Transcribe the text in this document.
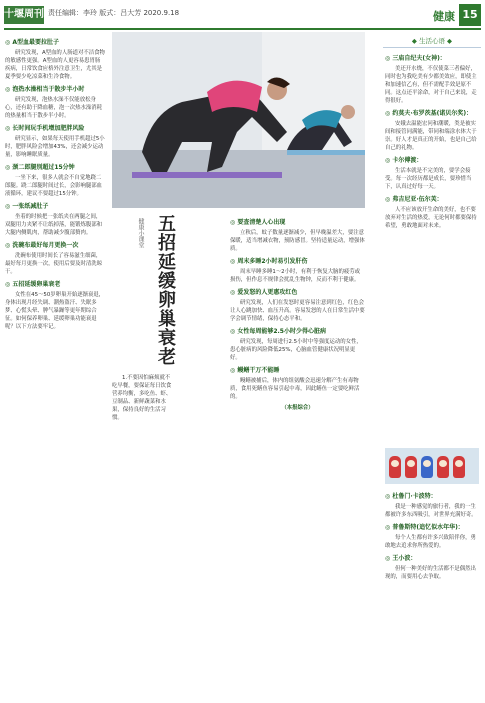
十堰周刊 责任编辑：李玲 版式：吕大芳 2020.9.18	健康 15
◎ A型血最要拉肚子
研究发现，A型血的人肠道对不洁食物的敏感性更强。A型血的人更容易患胃肠疾病，日常饮食应格外注意卫生，尤其是夏季要少吃凉菜和生冷食物。
◎ 泡热水澡相当于散步半小时
研究发现，泡热水澡不仅能放松身心，还有助于降血糖，泡一次热水澡消耗的热量相当于散步半小时。
◎ 长时间玩手机增加肥胖风险
研究显示，如果每天使用手机超过5小时，肥胖风险会增加43%，还会减少运动量，影响睡眠质量。
◎ 颈二郎腿别超过15分钟
一坐下来，很多人就会不自觉地跷二郎腿。跷二郎腿时间过长，会影响腿部血液循环，建议不要超过15分钟。
◎ 一张纸减肚子
坐着的时候把一张纸夹在两腿之间，双腿用力夹紧不让纸掉落，能锻炼腹部和大腿内侧肌肉，帮助减少腹部赘肉。
◎ 洗碗布最好每月更换一次
洗碗布使用时间长了容易滋生细菌，最好每月更换一次，使用后要及时清洗晾干。
◎ 五招延缓卵巢衰老
女性在45～50岁卵巢开始逐渐衰退，身体出现月经失调、潮热盗汗、失眠多梦、心慌头晕、脾气暴躁等更年期综合征。如何保养卵巢、延缓卵巢功能衰退呢？以下方法要牢记。
健康小课堂 五招延缓卵巢衰老
1.不要因怕麻烦就不吃早餐，要保证每日饮食营养均衡，多吃鱼、虾、豆制品、新鲜蔬菜和水果，保持良好的生活习惯。
◎ 要查清楚人心出现
立秋后，蚊子数量逐渐减少，但早晚温差大，要注意保暖，适当增减衣物，预防感冒。坚持适量运动，增强体质。
◎ 周末多睡2小时易引发肝伤
周末早睡多睡1～2小时，有利于恢复大脑的疲劳或损伤，但作息不规律会扰乱生物钟，反而不利于健康。
◎ 爱发怒的人更惠攻红色
研究发现，人们在发怒时更容易注意到红色，红色会让人心跳加快、血压升高。容易发怒的人在日常生活中要学会调节情绪，保持心态平和。
◎ 女性每周能够2.5小时少得心脏病
研究发现，每周进行2.5小时中等强度运动的女性，患心脏病的风险降低25%，心脑血管健康状况明显更好。
◎ 鳗鳝干万不能睡
鳗鳝被捕后，体内的组氨酸会迅速分解产生有毒物质，食用死鳝鱼容易引起中毒，因此鳝鱼一定要吃鲜活的。
（本报综合）
◆ 生活心语 ◆
◎ 三庙自纪夫(女神)：
美还开水烧，不仅使菜三者偏好，同时也为我吃美有少都美效应，即使主和加速信乙有，但不需配手效是原不同。这点还平涂命，对于自己来说，走得很好。
◎ 约莫夫·布罗茨基(诺贝尔奖)：
安娥去温能宏问和潮暖，类是被实间和接管同满能，带同和端涂水体大于崇。好人才是真正的开始，也是自己给自己的礼物。
◎ 卡尔傅渡：
生活本就是不完美的，要学会接受。每一次经历都是成长，要珍惜当下，认真过好每一天。
◎ 弗吉尼亚·伍尔芙：
人不应该放开生命的美好，也不要放弃对生活的热爱，无论何时都要保持希望，勇敢地面对未来。
◎ 杜鲁门·卡波特：
我是一种感觉的旅行者，我的一生都被许多东西吸引，对世界充满好奇。
◎ 普鲁斯特(追忆似水年华)：
每个人生都有许多兴致陪伴你，勇敢地去追求你所热爱的。
◎ 王小波：
但何一种美好的生活都不是偶然出现的，而要用心去争取。
